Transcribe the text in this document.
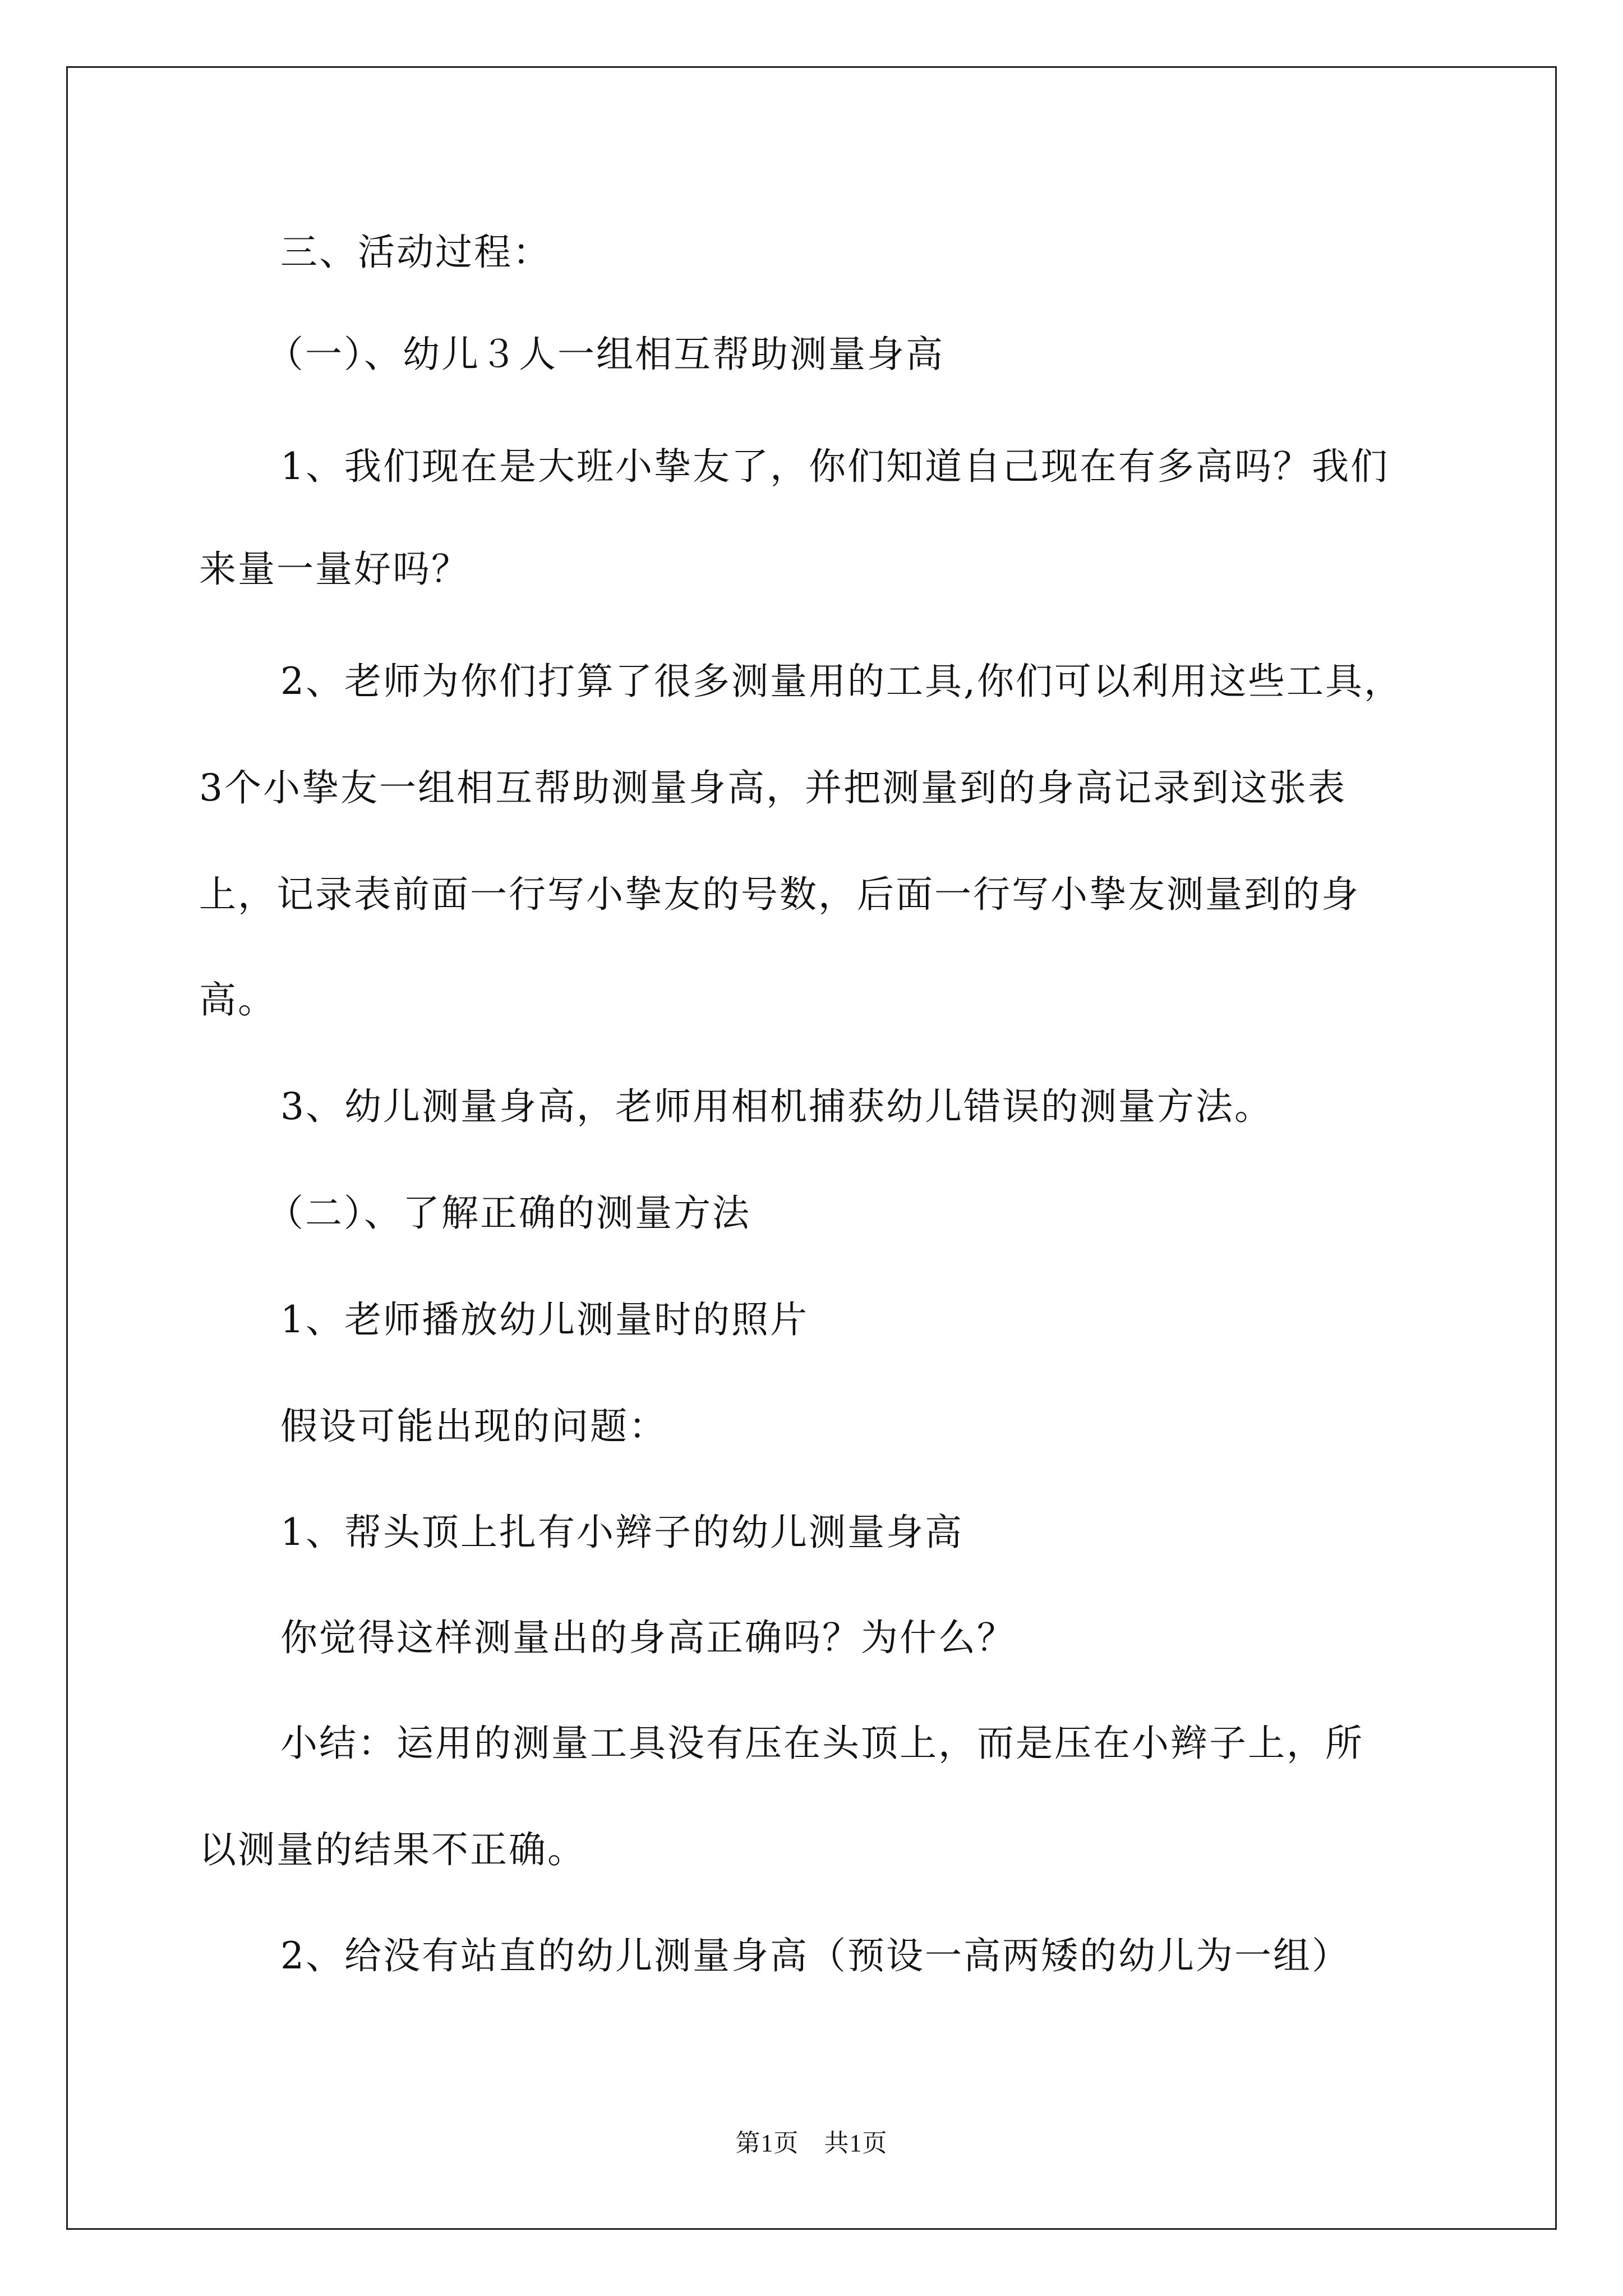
三、活动过程：
（一）、幼儿３人一组相互帮助测量身高
1、我们现在是大班小挚友了，你们知道自己现在有多高吗？我们
来量一量好吗？
2、老师为你们打算了很多测量用的工具,你们可以利用这些工具，
3个小挚友一组相互帮助测量身高，并把测量到的身高记录到这张表
上，记录表前面一行写小挚友的号数，后面一行写小挚友测量到的身
高。
3、幼儿测量身高，老师用相机捕获幼儿错误的测量方法。
（二）、了解正确的测量方法
1、老师播放幼儿测量时的照片
假设可能出现的问题：
1、帮头顶上扎有小辫子的幼儿测量身高
你觉得这样测量出的身高正确吗？为什么？
小结：运用的测量工具没有压在头顶上，而是压在小辫子上，所
以测量的结果不正确。
2、给没有站直的幼儿测量身高（预设一高两矮的幼儿为一组）
第1页　共1页
